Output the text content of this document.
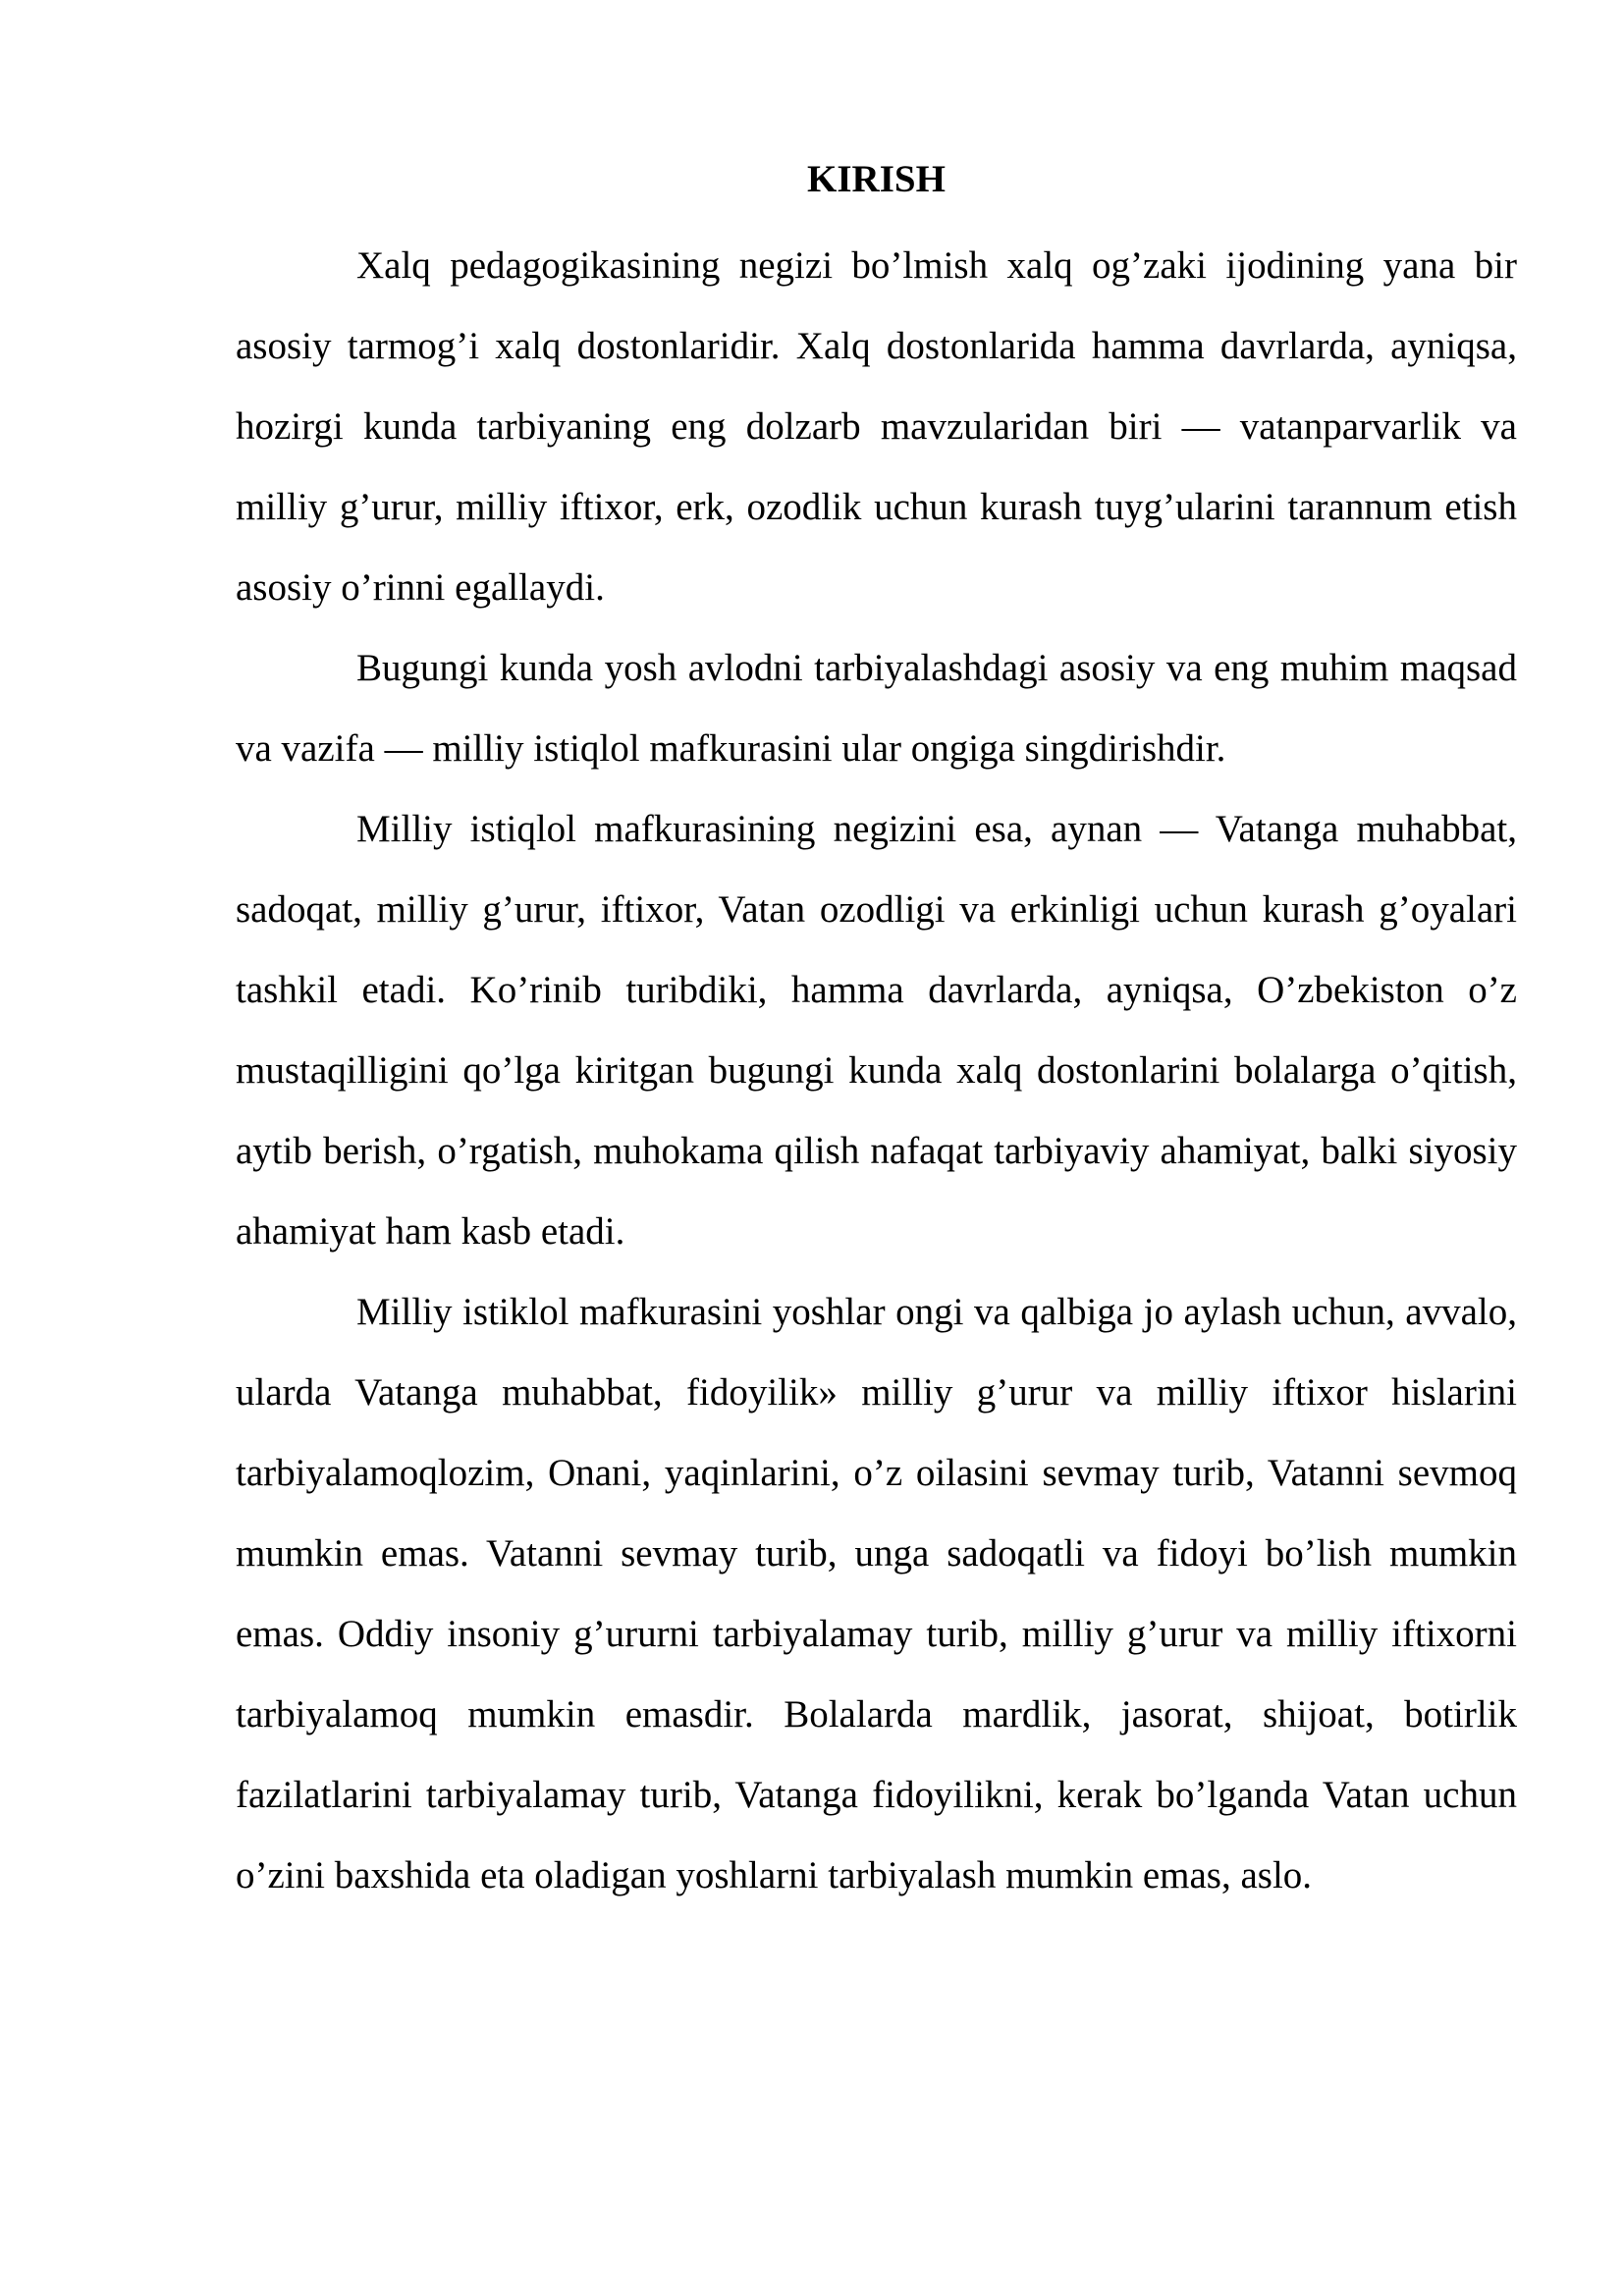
KIRISH

Xalq pedagogikasining negizi bo’lmish xalq og’zaki ijodining yana bir asosiy tarmog’i xalq dostonlaridir. Xalq dostonlarida hamma davrlarda, ayniqsa, hozirgi kunda tarbiyaning eng dolzarb mavzularidan biri — vatanparvarlik va milliy g’urur, milliy iftixor, erk, ozodlik uchun kurash tuyg’ularini tarannum etish asosiy o’rinni egallaydi.

Bugungi kunda yosh avlodni tarbiyalashdagi asosiy va eng muhim maqsad va vazifa — milliy istiqlol mafkurasini ular ongiga singdirishdir.

Milliy istiqlol mafkurasining negizini esa, aynan — Vatanga muhabbat, sadoqat, milliy g’urur, iftixor, Vatan ozodligi va erkinligi uchun kurash g’oyalari tashkil etadi. Ko’rinib turibdiki, hamma davrlarda, ayniqsa, O’zbekiston o’z mustaqilligini qo’lga kiritgan bugungi kunda xalq dostonlarini bolalarga o’qitish, aytib berish, o’rgatish, muhokama qilish nafaqat tarbiyaviy ahamiyat, balki siyosiy ahamiyat ham kasb etadi.

Milliy istiklol mafkurasini yoshlar ongi va qalbiga jo aylash uchun, avvalo, ularda Vatanga muhabbat, fidoyilik» milliy g’urur va milliy iftixor hislarini tarbiyalamoqlozim, Onani, yaqinlarini, o’z oilasini sevmay turib, Vatanni sevmoq mumkin emas. Vatanni sevmay turib, unga sadoqatli va fidoyi bo’lish mumkin emas. Oddiy insoniy g’ururni tarbiyalamay turib, milliy g’urur va milliy iftixorni tarbiyalamoq mumkin emasdir. Bolalarda mardlik, jasorat, shijoat, botirlik fazilatlarini tarbiyalamay turib, Vatanga fidoyilikni, kerak bo’lganda Vatan uchun o’zini baxshida eta oladigan yoshlarni tarbiyalash mumkin emas, aslo.
